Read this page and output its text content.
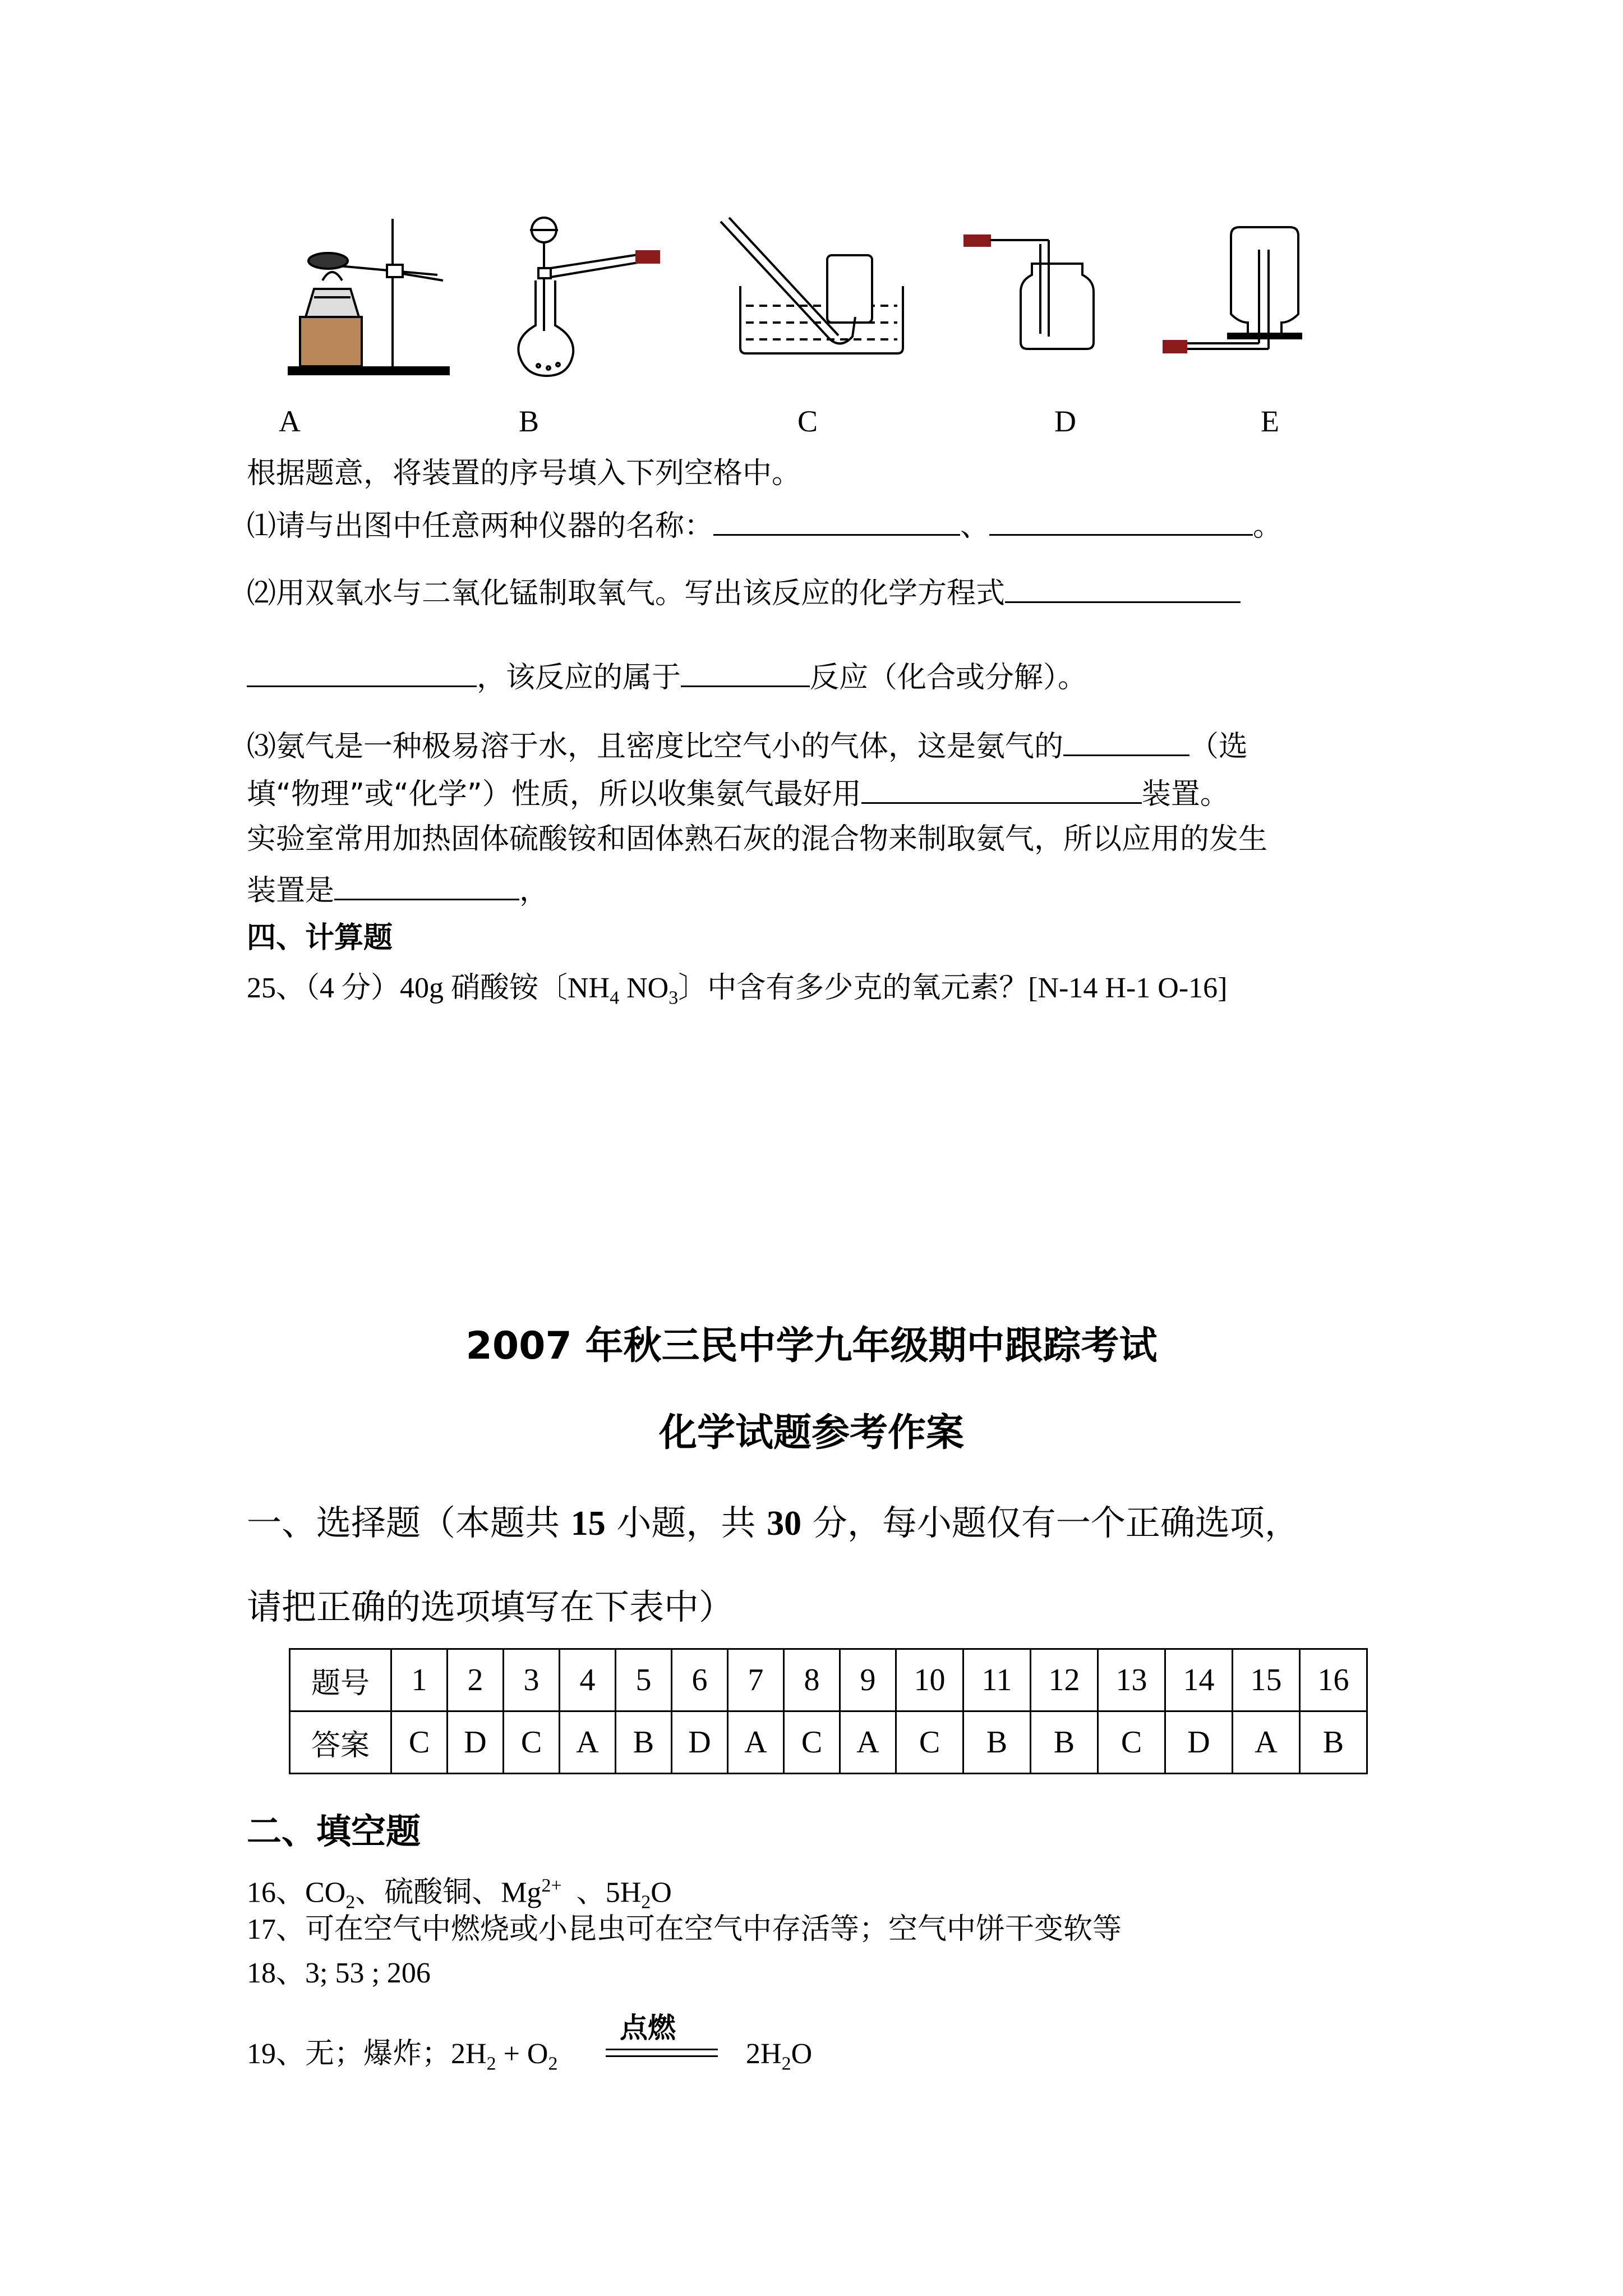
A	B	C	D	E
根据题意，将装置的序号填入下列空格中。
⑴请与出图中任意两种仪器的名称：	、	。
⑵用双氧水与二氧化锰制取氧气。写出该反应的化学方程式
，该反应的属于	反应（化合或分解）。
⑶氨气是一种极易溶于水，且密度比空气小的气体，这是氨气的	（选
填“物理”或“化学”）性质，所以收集氨气最好用	装置。
实验室常用加热固体硫酸铵和固体熟石灰的混合物来制取氨气，所以应用的发生
装置是	，
四、计算题
25、（4 分）40g 硝酸铵〔$NH_4$ $NO_3$〕中含有多少克的氧元素？[N-14 H-1 O-16]
2007 年秋三民中学九年级期中跟踪考试
化学试题参考作案
一、选择题（本题共 15 小题，共 30 分，每小题仅有一个正确选项，
请把正确的选项填写在下表中）
题号	1	2	3	4	5	6	7	8	9	10	11	12	13	14	15	16
答案	C	D	C	A	B	D	A	C	A	C	B	B	C	D	A	B
二、填空题
16、$CO_2$、硫酸铜、$Mg^{2+}$  、$5H_2O$
17、可在空气中燃烧或小昆虫可在空气中存活等；空气中饼干变软等
18、3; 53 ; 206
19、无；爆炸；$2H_2 + O_2$
点燃
$2H_2O$
